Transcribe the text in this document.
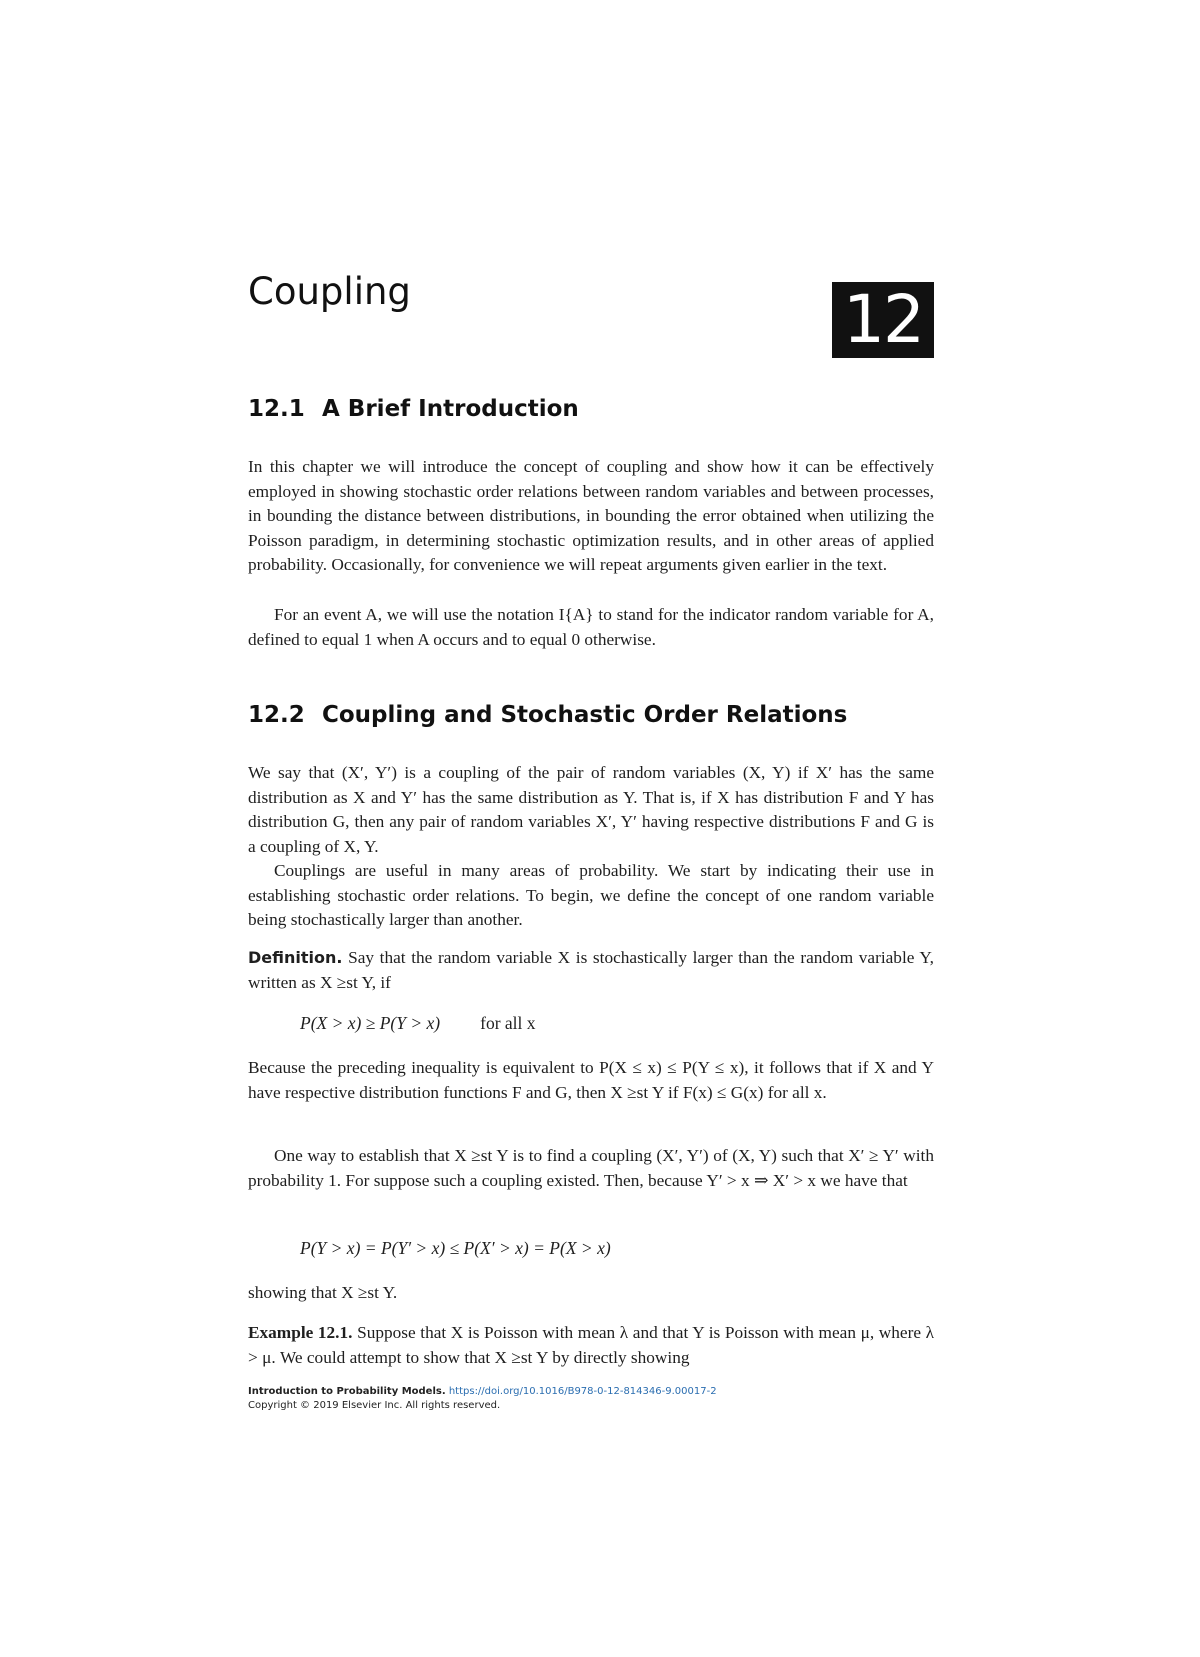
Coupling	12
12.1 A Brief Introduction

In this chapter we will introduce the concept of coupling and show how it can be effectively employed in showing stochastic order relations between random variables and between processes, in bounding the distance between distributions, in bounding the error obtained when utilizing the Poisson paradigm, in determining stochastic optimization results, and in other areas of applied probability. Occasionally, for convenience we will repeat arguments given earlier in the text.

For an event A, we will use the notation I{A} to stand for the indicator random variable for A, defined to equal 1 when A occurs and to equal 0 otherwise.

12.2 Coupling and Stochastic Order Relations

We say that (X′, Y′) is a coupling of the pair of random variables (X, Y) if X′ has the same distribution as X and Y′ has the same distribution as Y. That is, if X has distribution F and Y has distribution G, then any pair of random variables X′, Y′ having respective distributions F and G is a coupling of X, Y.

Couplings are useful in many areas of probability. We start by indicating their use in establishing stochastic order relations. To begin, we define the concept of one random variable being stochastically larger than another.

Definition. Say that the random variable X is stochastically larger than the random variable Y, written as X ≥st Y, if

P(X > x) ≥ P(Y > x) for all x

Because the preceding inequality is equivalent to P(X ≤ x) ≤ P(Y ≤ x), it follows that if X and Y have respective distribution functions F and G, then X ≥st Y if F(x) ≤ G(x) for all x.

One way to establish that X ≥st Y is to find a coupling (X′, Y′) of (X, Y) such that X′ ≥ Y′ with probability 1. For suppose such a coupling existed. Then, because Y′ > x ⇒ X′ > x we have that

P(Y > x) = P(Y′ > x) ≤ P(X′ > x) = P(X > x)

showing that X ≥st Y.

Example 12.1. Suppose that X is Poisson with mean λ and that Y is Poisson with mean μ, where λ > μ. We could attempt to show that X ≥st Y by directly showing

Introduction to Probability Models. https://doi.org/10.1016/B978-0-12-814346-9.00017-2
Copyright © 2019 Elsevier Inc. All rights reserved.
